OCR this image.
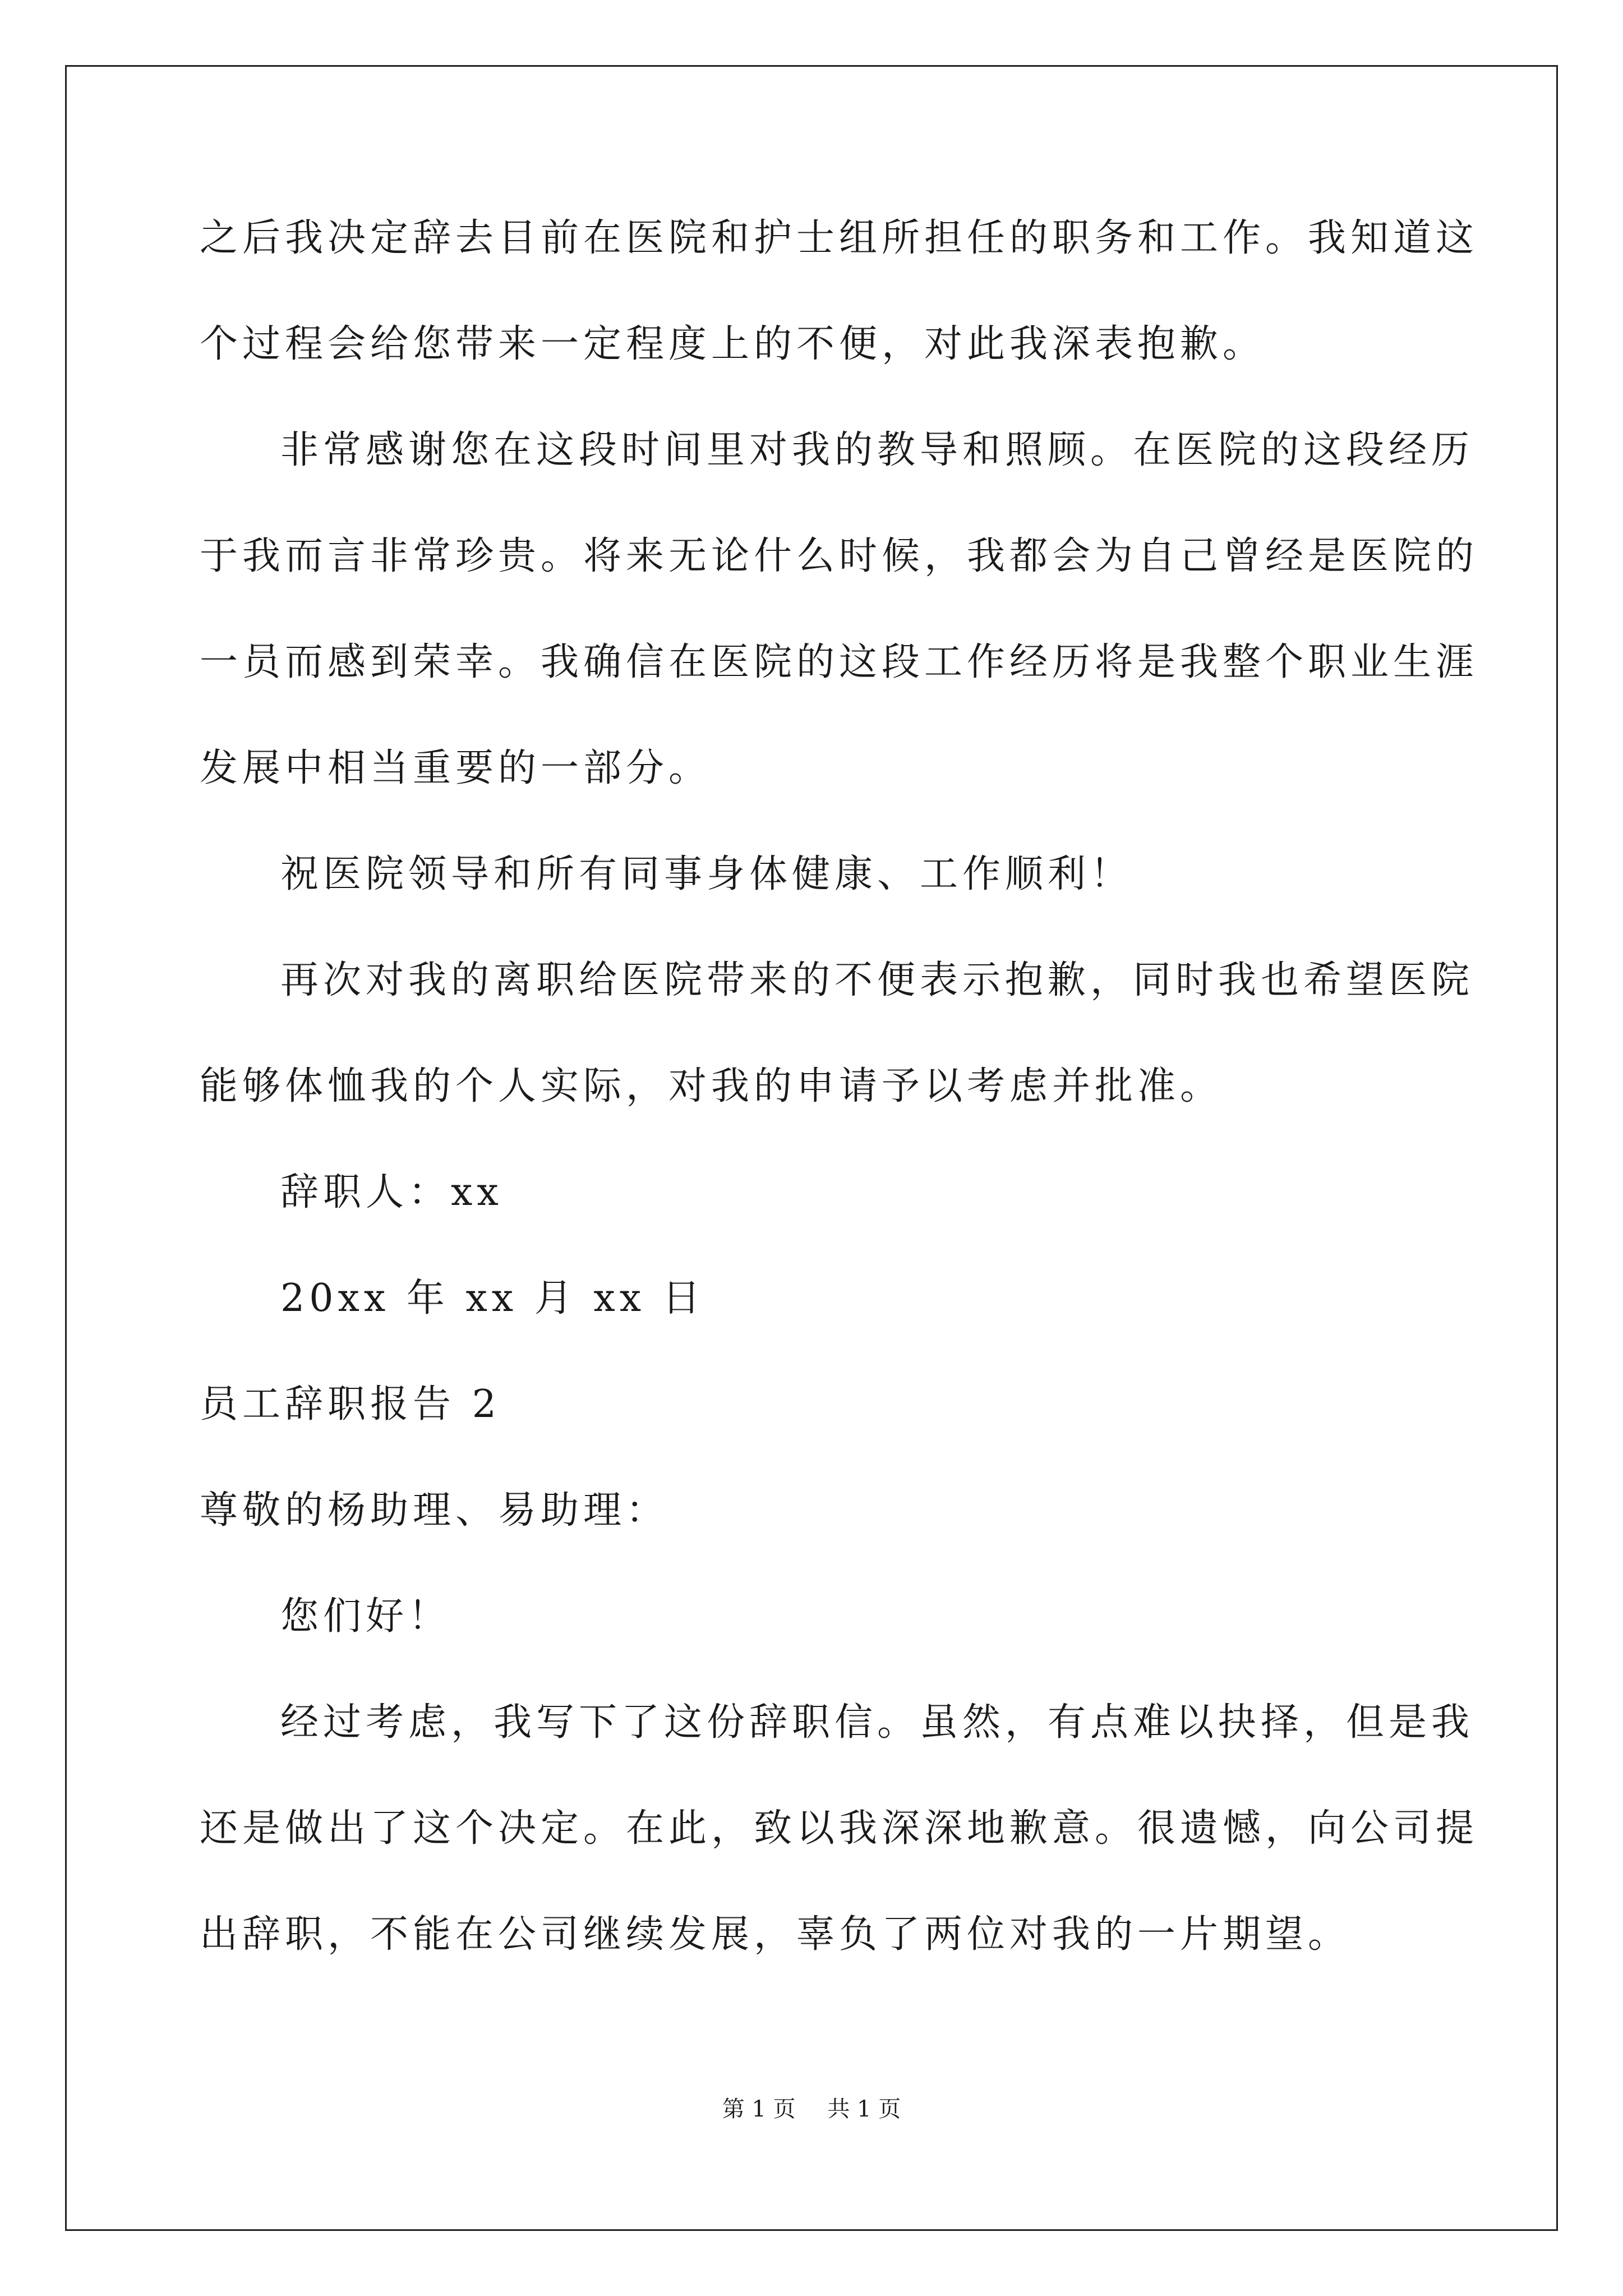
之后我决定辞去目前在医院和护士组所担任的职务和工作。我知道这
个过程会给您带来一定程度上的不便，对此我深表抱歉。
非常感谢您在这段时间里对我的教导和照顾。在医院的这段经历
于我而言非常珍贵。将来无论什么时候，我都会为自己曾经是医院的
一员而感到荣幸。我确信在医院的这段工作经历将是我整个职业生涯
发展中相当重要的一部分。
祝医院领导和所有同事身体健康、工作顺利！
再次对我的离职给医院带来的不便表示抱歉，同时我也希望医院
能够体恤我的个人实际，对我的申请予以考虑并批准。
辞职人：xx
20xx 年 xx 月 xx 日
员工辞职报告 2
尊敬的杨助理、易助理：
您们好！
经过考虑，我写下了这份辞职信。虽然，有点难以抉择，但是我
还是做出了这个决定。在此，致以我深深地歉意。很遗憾，向公司提
出辞职，不能在公司继续发展，辜负了两位对我的一片期望。
第 1 页 共 1 页
